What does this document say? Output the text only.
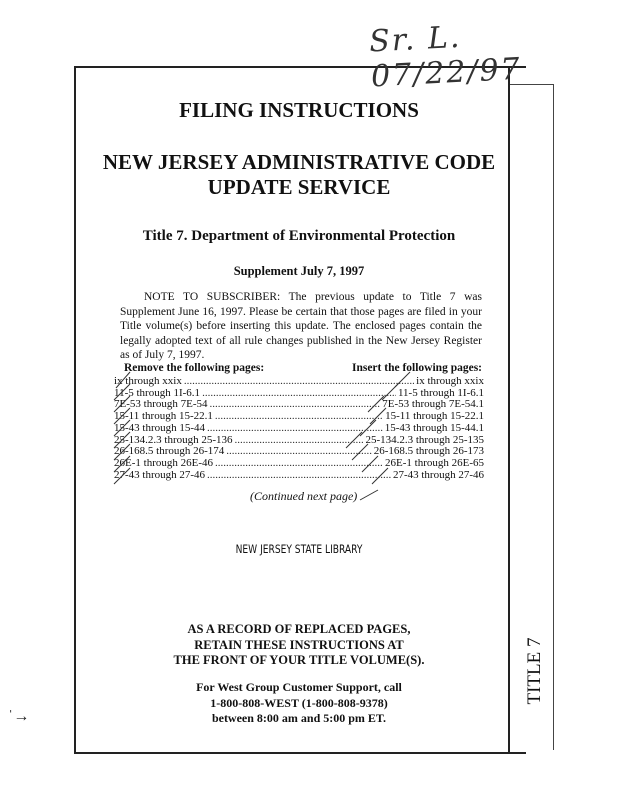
Sr. L. 07/22/97
FILING INSTRUCTIONS
NEW JERSEY ADMINISTRATIVE CODE
UPDATE SERVICE
Title 7. Department of Environmental Protection
Supplement July 7, 1997
NOTE TO SUBSCRIBER: The previous update to Title 7 was Supplement June 16, 1997. Please be certain that those pages are filed in your Title volume(s) before inserting this update. The enclosed pages contain the legally adopted text of all rule changes published in the New Jersey Register as of July 7, 1997.
Remove the following pages:	Insert the following pages:
ix through xxix .....	ix through xxix
11-5 through 1I-6.1 .....	11-5 through 1I-6.1
7E-53 through 7E-54 .....	7E-53 through 7E-54.1
15-11 through 15-22.1 .....	15-11 through 15-22.1
15-43 through 15-44 .....	15-43 through 15-44.1
25-134.2.3 through 25-136 .....	25-134.2.3 through 25-135
26-168.5 through 26-174 .....	26-168.5 through 26-173
26E-1 through 26E-46 .....	26E-1 through 26E-65
27-43 through 27-46 .....	27-43 through 27-46
(Continued next page)
NEW JERSEY STATE LIBRARY
AS A RECORD OF REPLACED PAGES,
RETAIN THESE INSTRUCTIONS AT
THE FRONT OF YOUR TITLE VOLUME(S).
For West Group Customer Support, call
1-800-808-WEST (1-800-808-9378)
between 8:00 am and 5:00 pm ET.
TITLE 7
ˈ→
